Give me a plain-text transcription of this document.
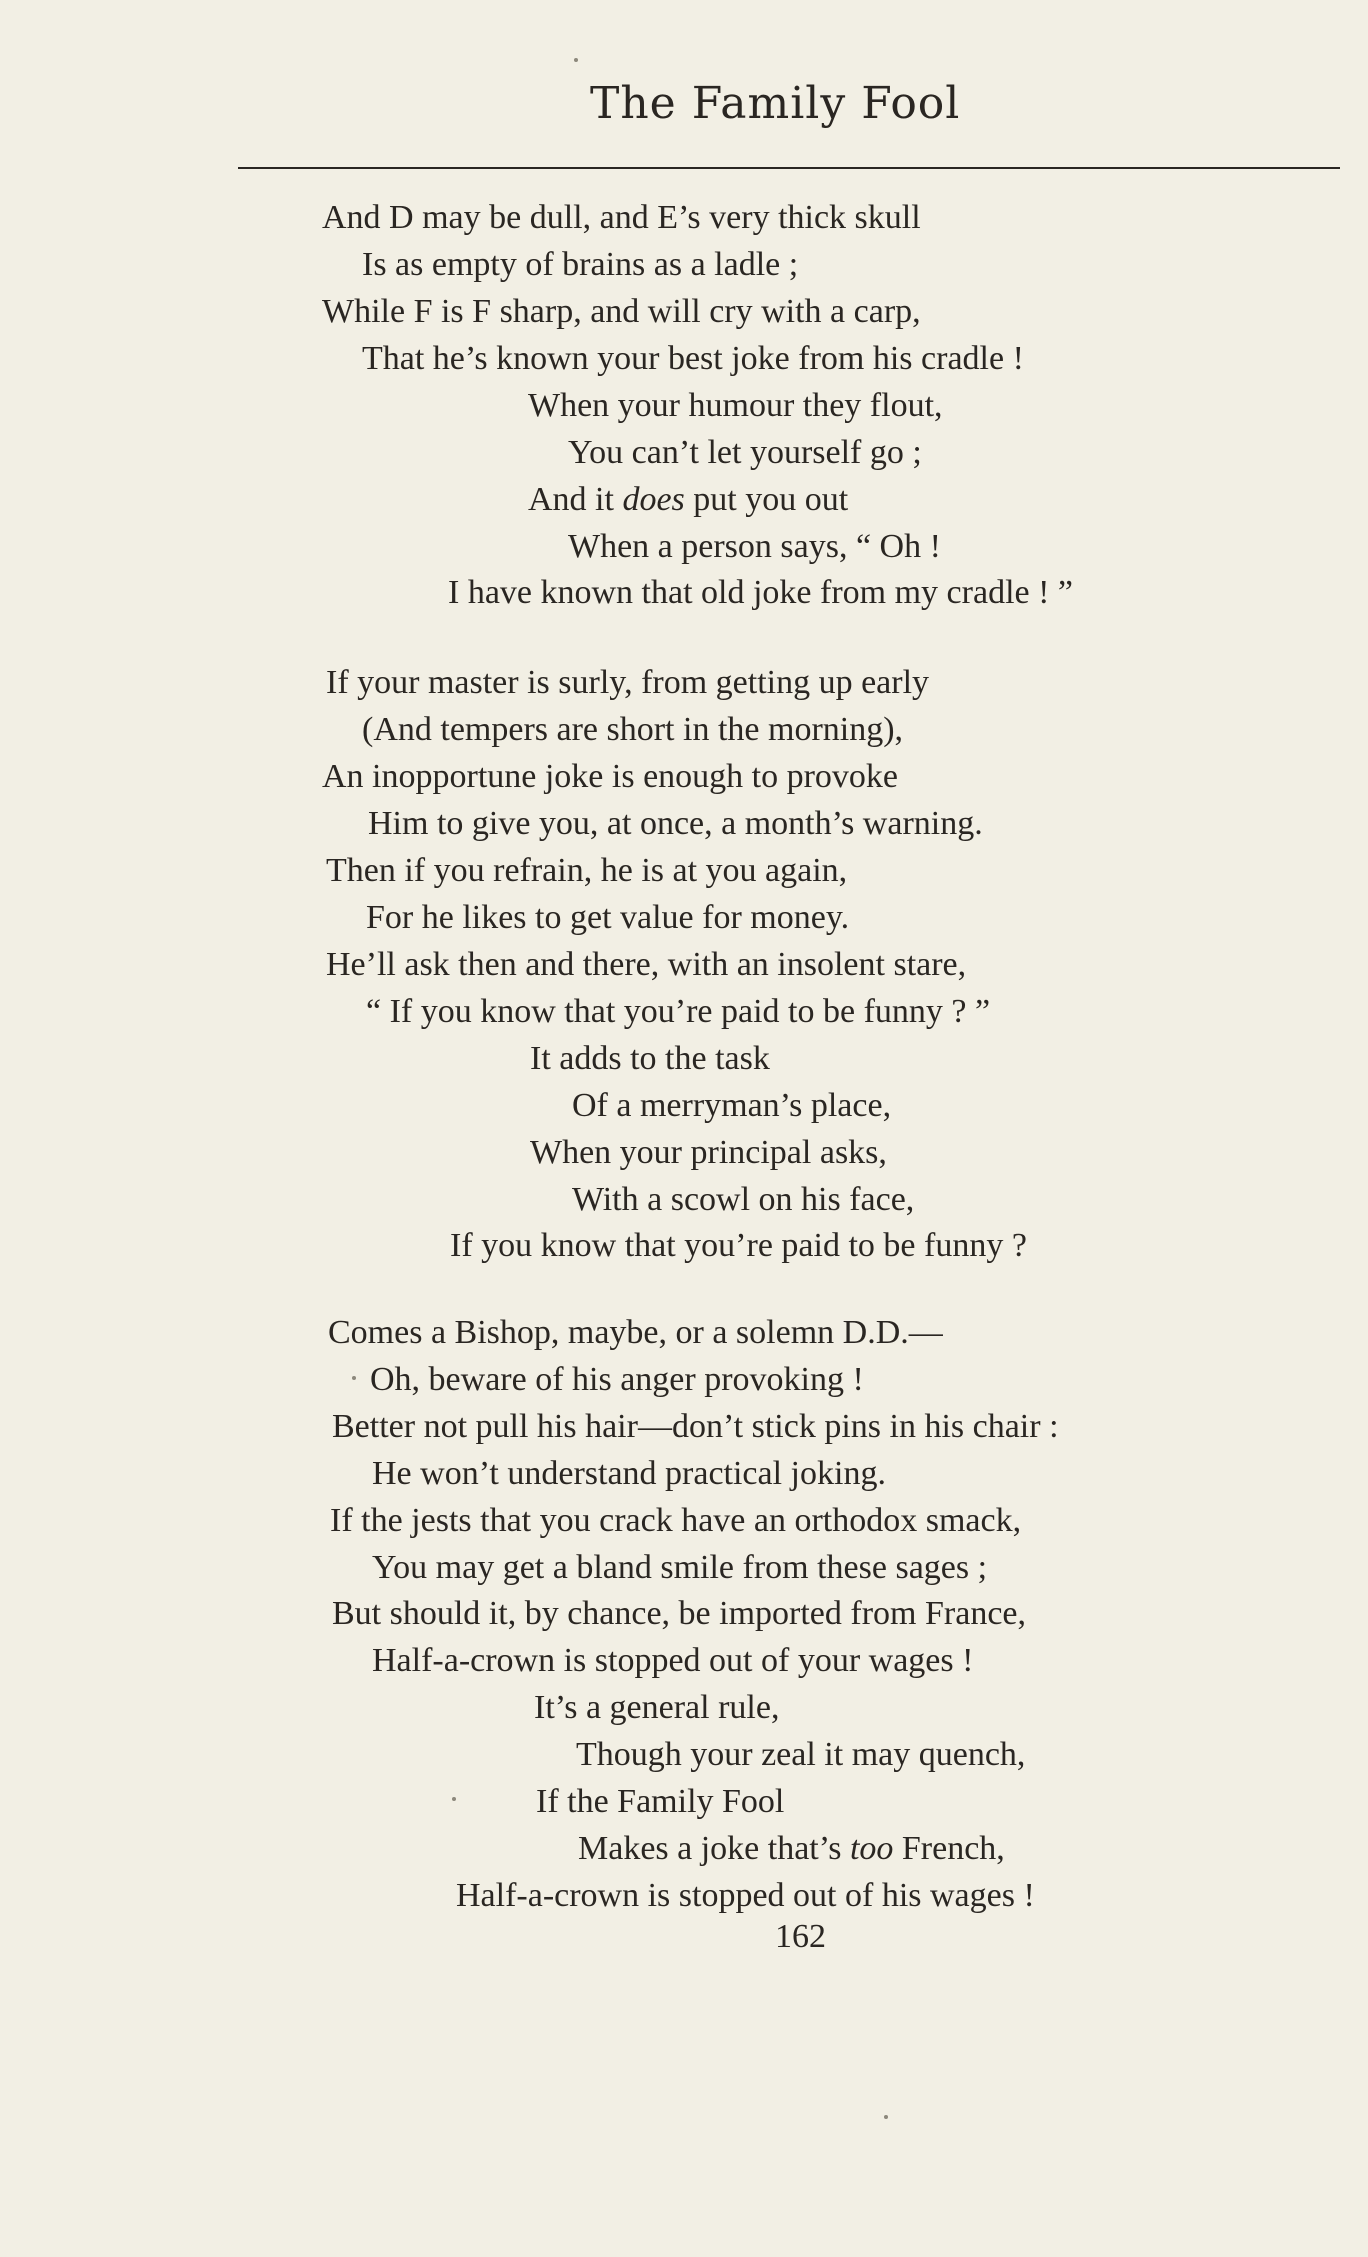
The Family Fool
And D may be dull, and E’s very thick skull
Is as empty of brains as a ladle ;
While F is F sharp, and will cry with a carp,
That he’s known your best joke from his cradle !
When your humour they flout,
You can’t let yourself go ;
And it does put you out
When a person says, “ Oh !
I have known that old joke from my cradle ! ”
If your master is surly, from getting up early
(And tempers are short in the morning),
An inopportune joke is enough to provoke
Him to give you, at once, a month’s warning.
Then if you refrain, he is at you again,
For he likes to get value for money.
He’ll ask then and there, with an insolent stare,
“ If you know that you’re paid to be funny ? ”
It adds to the task
Of a merryman’s place,
When your principal asks,
With a scowl on his face,
If you know that you’re paid to be funny ?
Comes a Bishop, maybe, or a solemn D.D.—
Oh, beware of his anger provoking !
Better not pull his hair—don’t stick pins in his chair :
He won’t understand practical joking.
If the jests that you crack have an orthodox smack,
You may get a bland smile from these sages ;
But should it, by chance, be imported from France,
Half-a-crown is stopped out of your wages !
It’s a general rule,
Though your zeal it may quench,
If the Family Fool
Makes a joke that’s too French,
Half-a-crown is stopped out of his wages !
162
